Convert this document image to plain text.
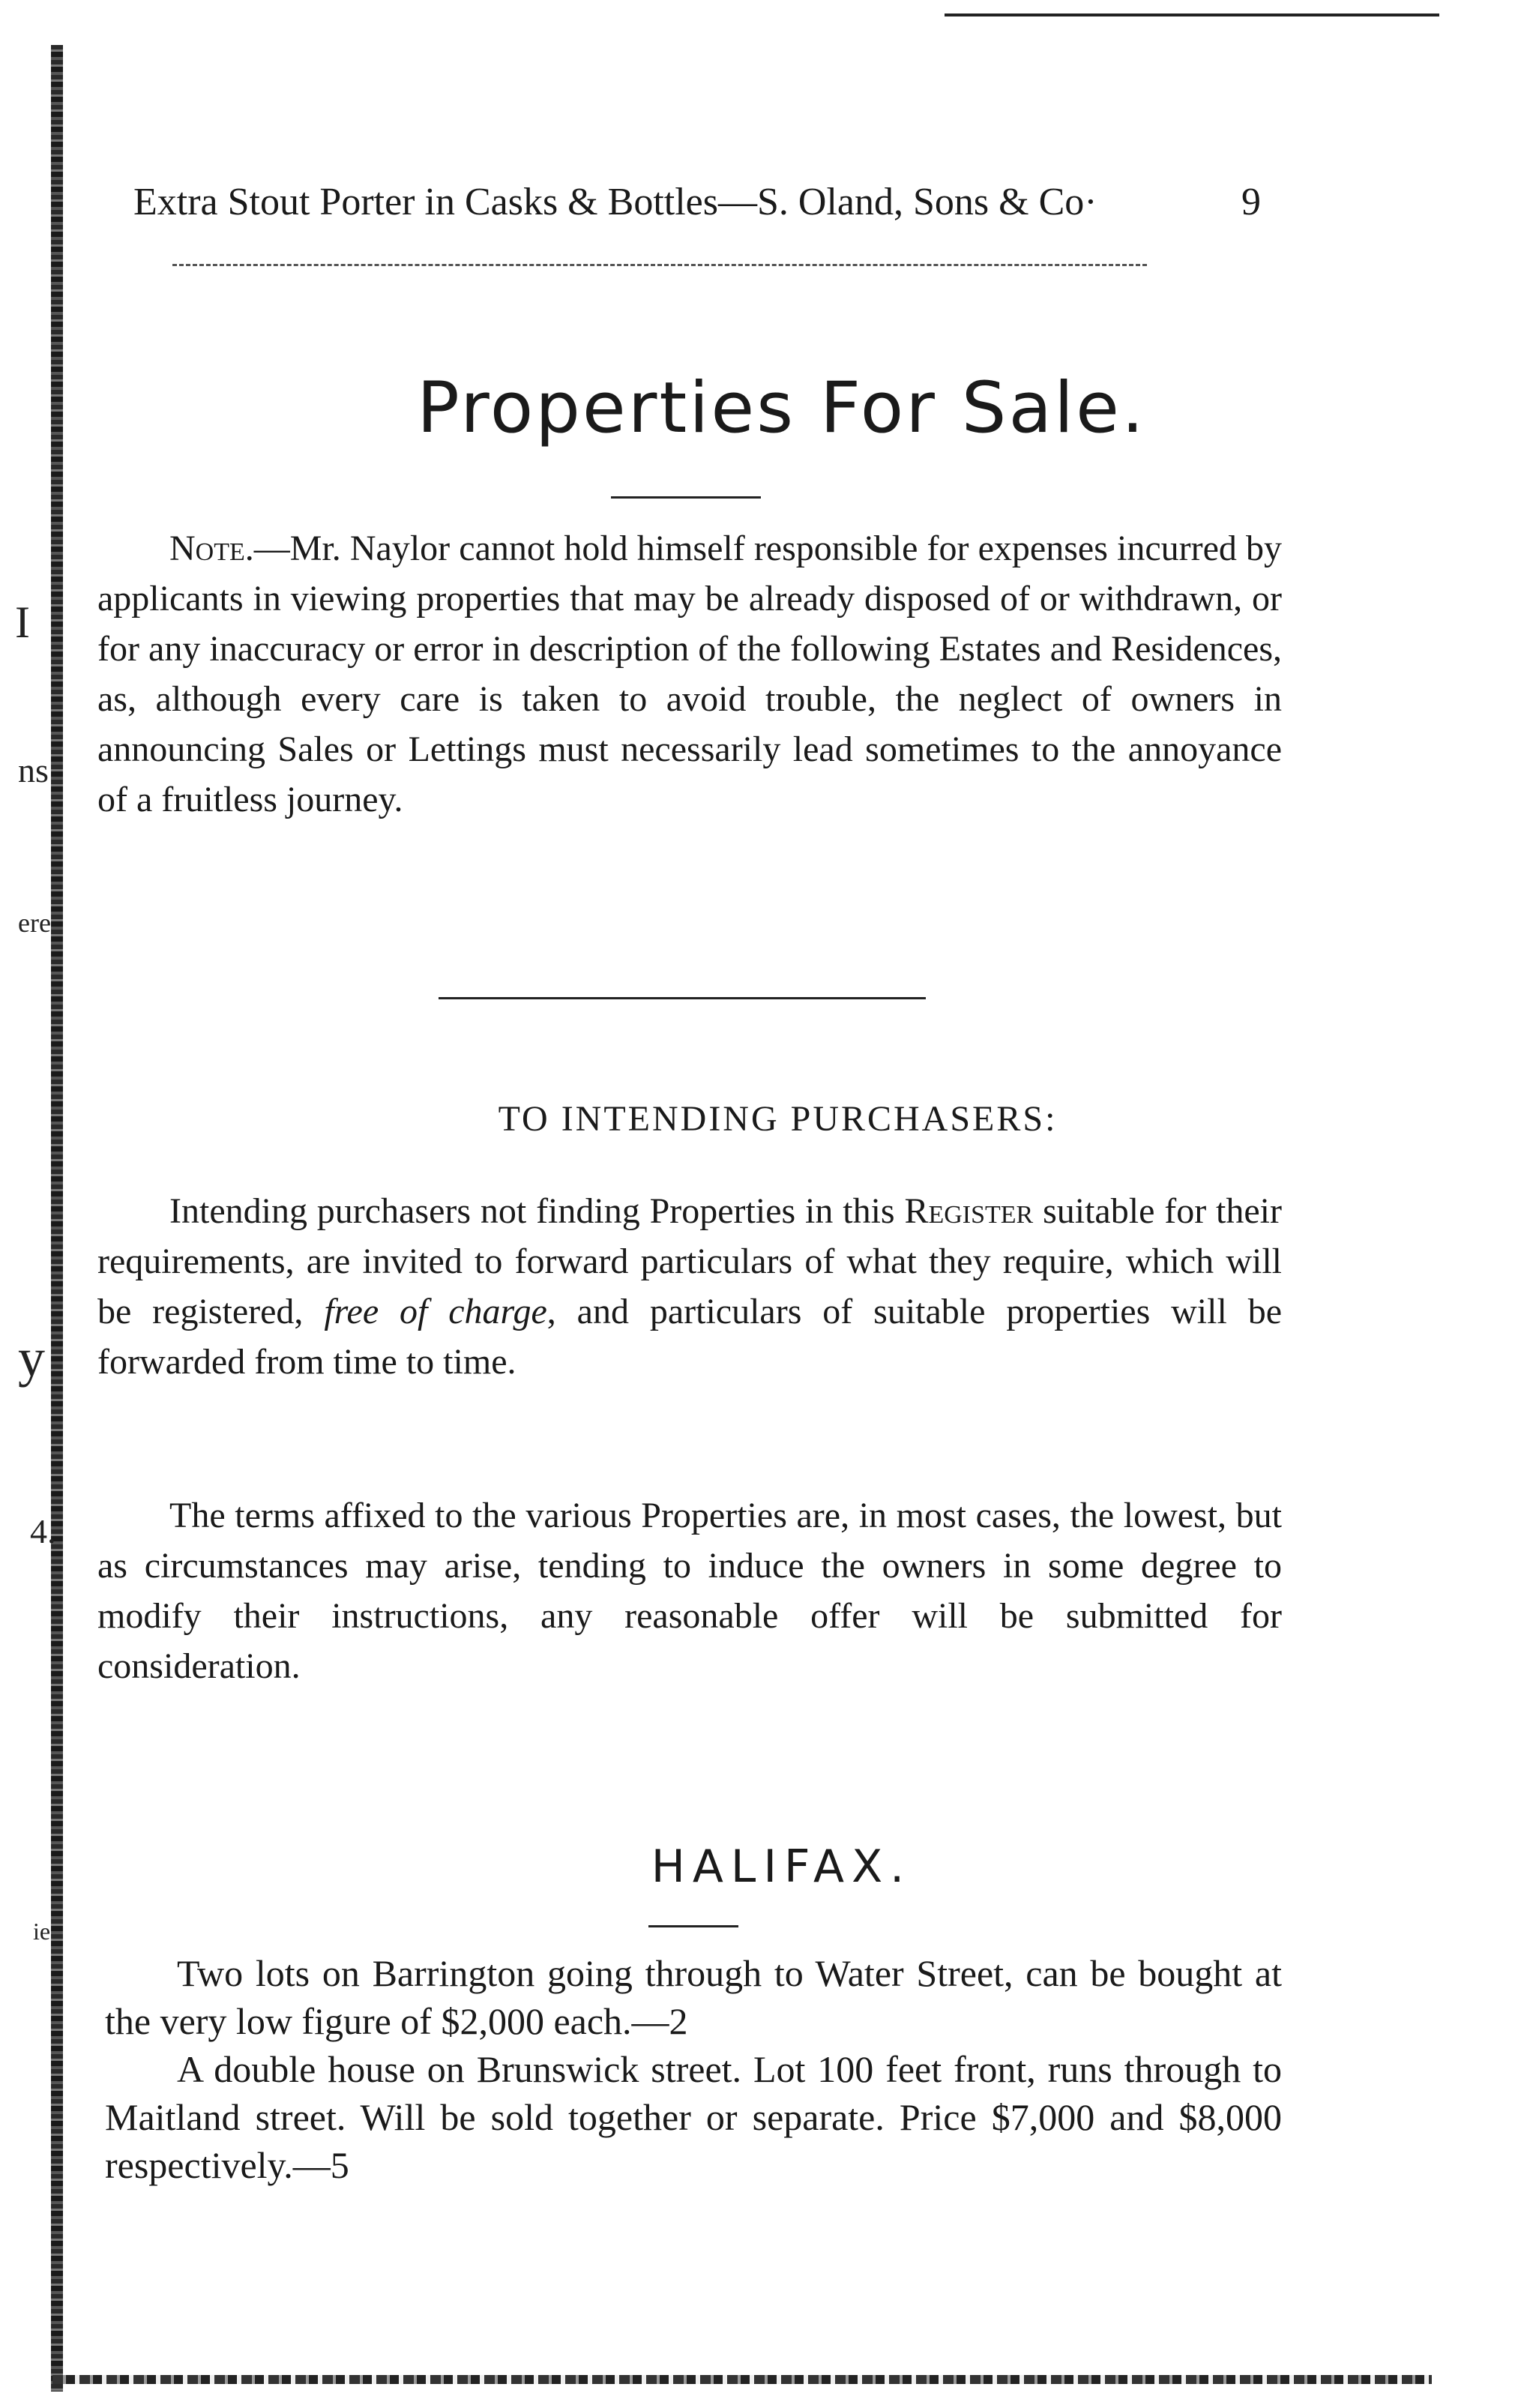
I
ns
ere
y
4.
ie
Extra Stout Porter in Casks & Bottles—S. Oland, Sons & Co·	9
Properties For Sale.

Note.—Mr. Naylor cannot hold himself responsible for expenses incurred by applicants in viewing properties that may be already disposed of or withdrawn, or for any inaccuracy or error in description of the following Estates and Residences, as, although every care is taken to avoid trouble, the neglect of owners in announcing Sales or Lettings must necessarily lead sometimes to the annoyance of a fruitless journey.

TO INTENDING PURCHASERS:

Intending purchasers not finding Properties in this Register suitable for their requirements, are invited to forward particulars of what they require, which will be registered, free of charge, and particulars of suitable properties will be forwarded from time to time.

The terms affixed to the various Properties are, in most cases, the lowest, but as circumstances may arise, tending to induce the owners in some degree to modify their instructions, any reasonable offer will be submitted for consideration.

HALIFAX.

Two lots on Barrington going through to Water Street, can be bought at the very low figure of $2,000 each.—2

A double house on Brunswick street. Lot 100 feet front, runs through to Maitland street. Will be sold together or separate. Price $7,000 and $8,000 respectively.—5
